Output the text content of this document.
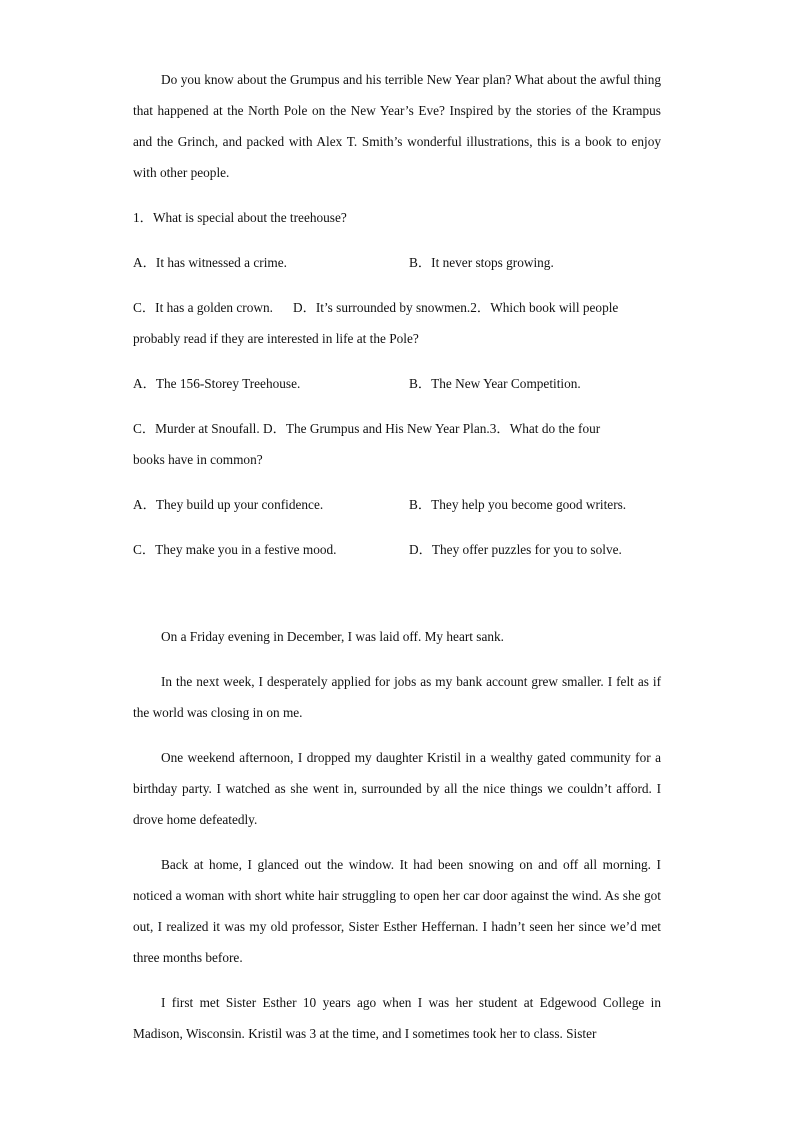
Do you know about the Grumpus and his terrible New Year plan? What about the awful thing that happened at the North Pole on the New Year’s Eve? Inspired by the stories of the Krampus and the Grinch, and packed with Alex T. Smith’s wonderful illustrations, this is a book to enjoy with other people.

1．What is special about the treehouse?

A．It has witnessed a crime.	B．It never stops growing.

C．It has a golden crown. D．It’s surrounded by snowmen.2．Which book will people

probably read if they are interested in life at the Pole?

A．The 156-Storey Treehouse.	B．The New Year Competition.

C．Murder at Snoufall. D．The Grumpus and His New Year Plan.3．What do the four

books have in common?

A．They build up your confidence.	B．They help you become good writers.
C．They make you in a festive mood.	D．They offer puzzles for you to solve.

On a Friday evening in December, I was laid off. My heart sank.

In the next week, I desperately applied for jobs as my bank account grew smaller. I felt as if the world was closing in on me.

One weekend afternoon, I dropped my daughter Kristil in a wealthy gated community for a birthday party. I watched as she went in, surrounded by all the nice things we couldn’t afford. I drove home defeatedly.

Back at home, I glanced out the window. It had been snowing on and off all morning. I noticed a woman with short white hair struggling to open her car door against the wind. As she got out, I realized it was my old professor, Sister Esther Heffernan. I hadn’t seen her since we’d met three months before.

I first met Sister Esther 10 years ago when I was her student at Edgewood College in Madison, Wisconsin. Kristil was 3 at the time, and I sometimes took her to class. Sister
